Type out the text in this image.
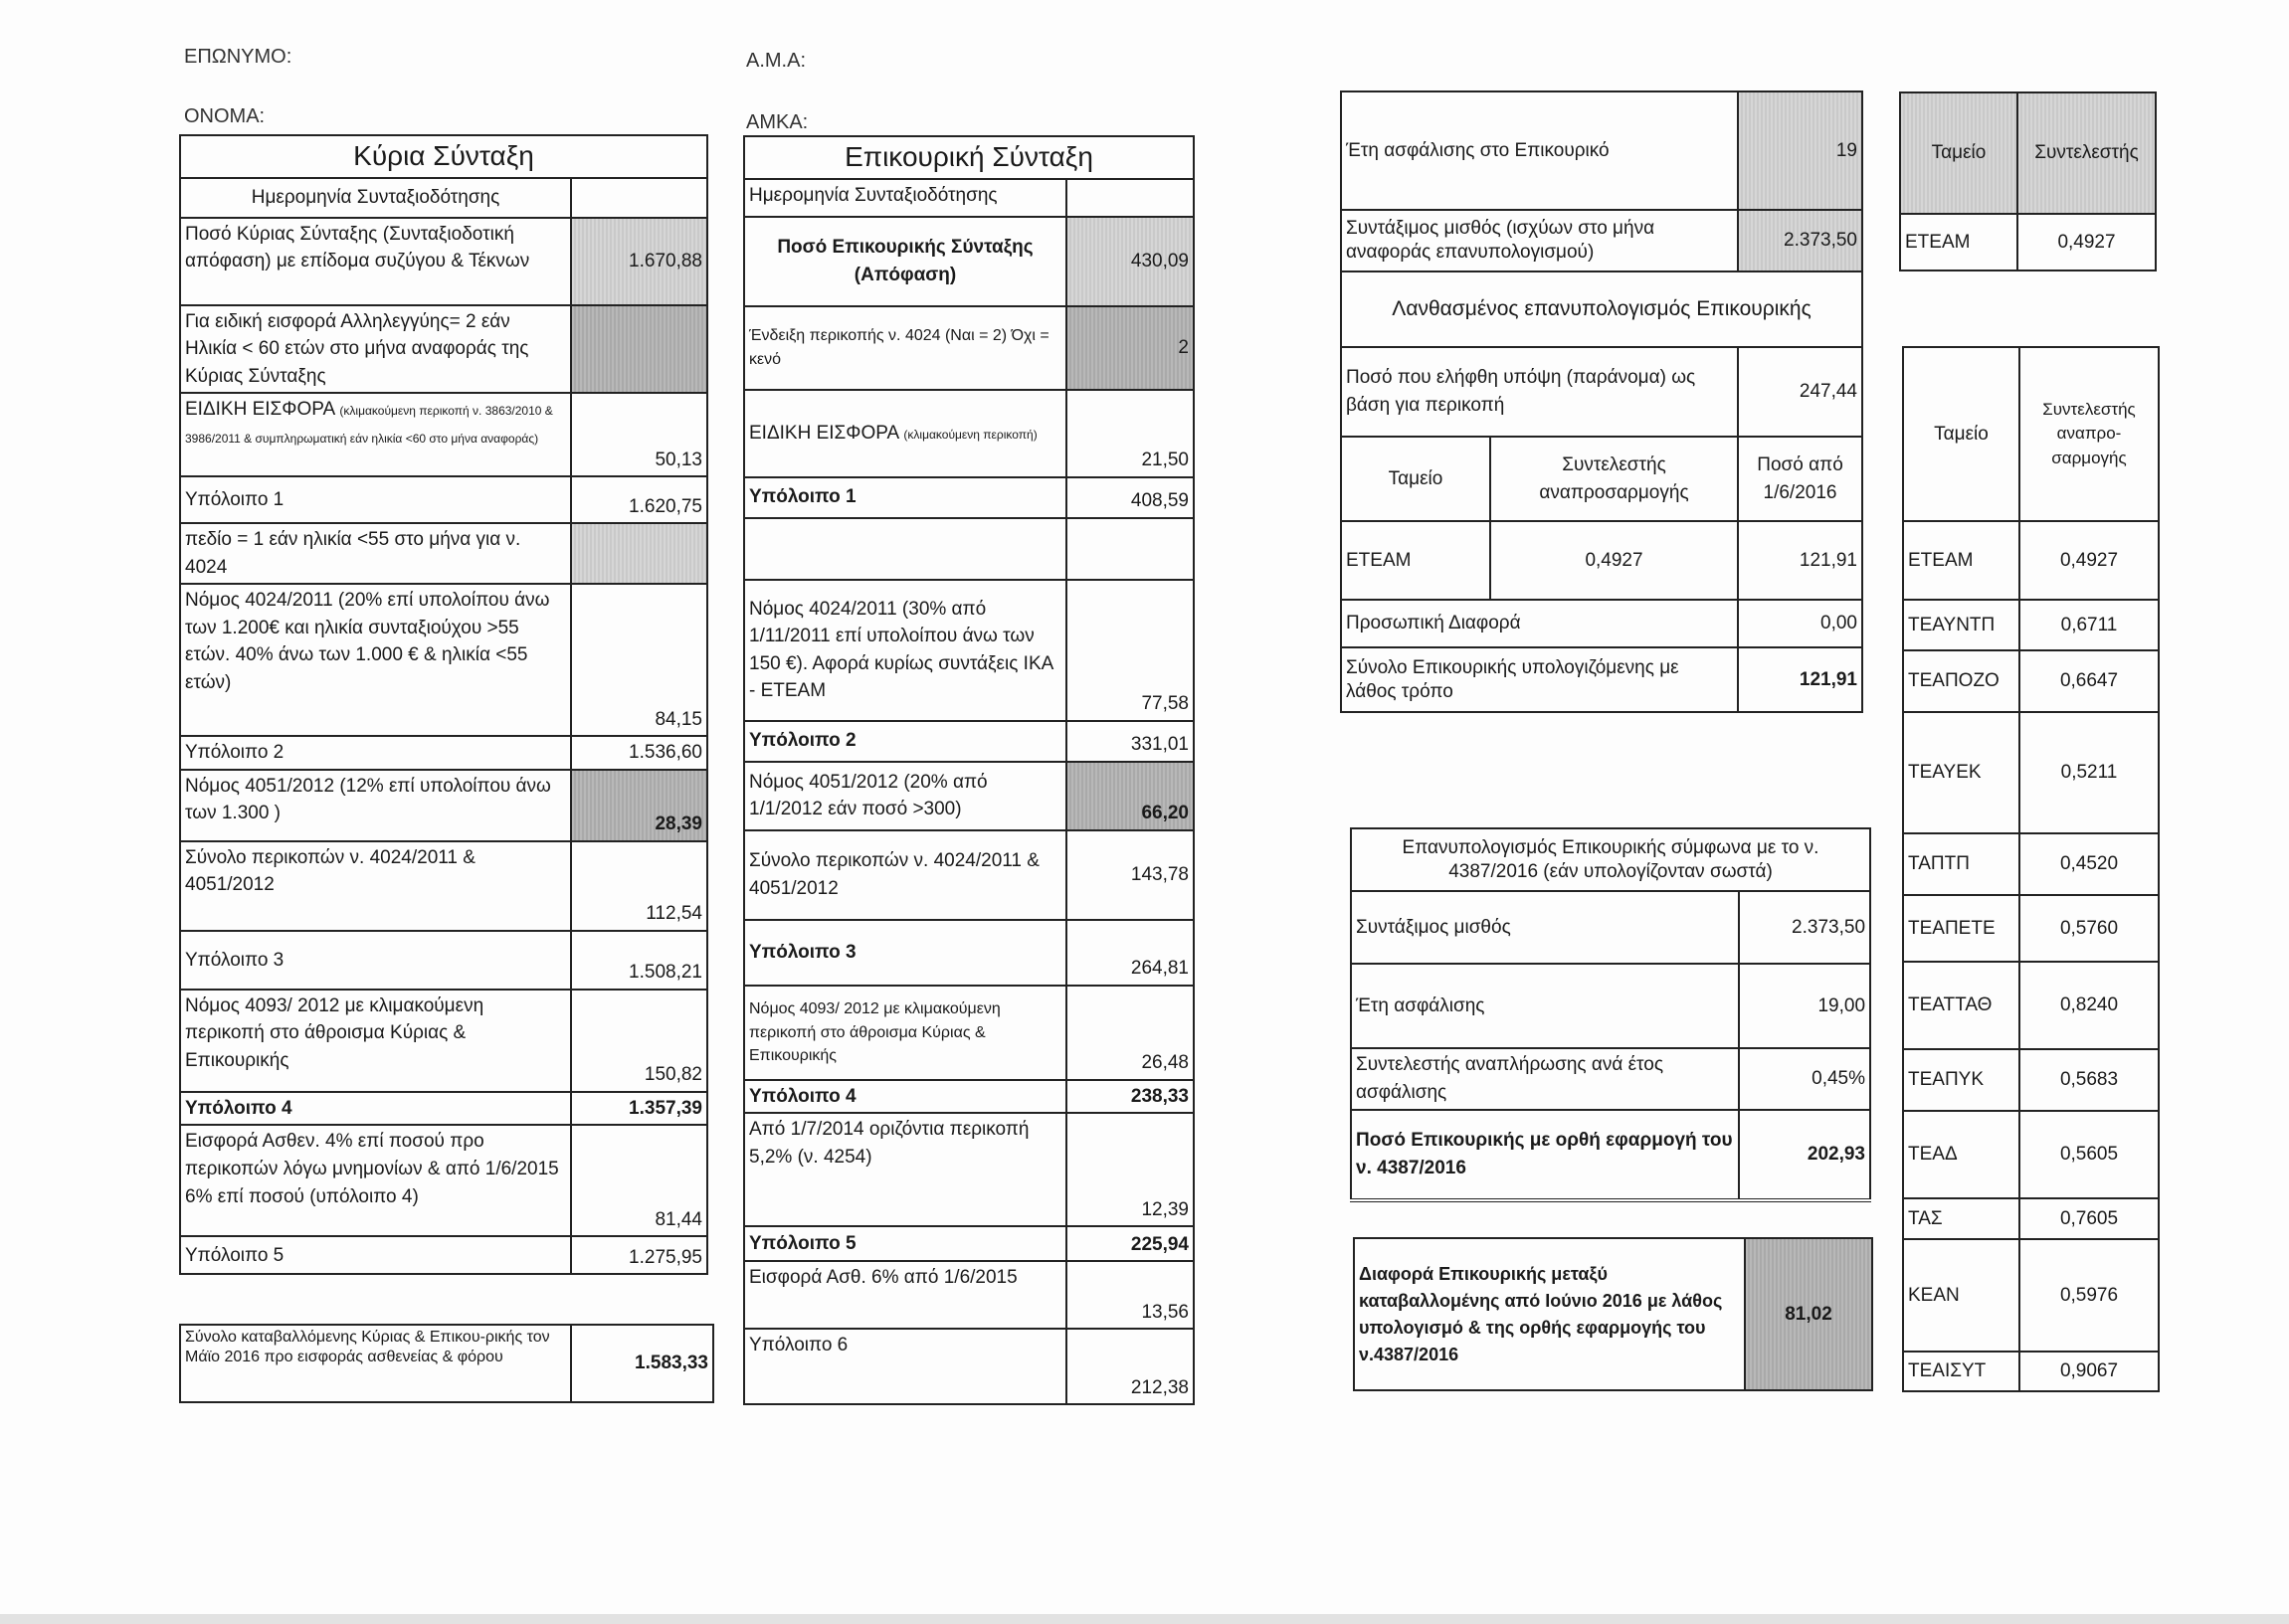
ΕΠΩΝΥΜΟ:	Α.Μ.Α:
ΟΝΟΜΑ:	ΑΜΚΑ:
Κύρια Σύνταξη	
Ημερομηνία Συνταξιοδότησης	
Ποσό Κύριας Σύνταξης (Συνταξιοδοτική απόφαση) με επίδομα συζύγου & Τέκνων	1.670,88
Για ειδική εισφορά Αλληλεγγύης= 2 εάν Ηλικία < 60 ετών στο μήνα αναφοράς της Κύριας Σύνταξης	
ΕΙΔΙΚΗ ΕΙΣΦΟΡΑ (κλιμακούμενη περικοπή ν. 3863/2010 & 3986/2011 & συμπληρωματική εάν ηλικία <60 στο μήνα αναφοράς)	50,13
Υπόλοιπο 1	1.620,75
πεδίο = 1 εάν ηλικία <55 στο μήνα για ν. 4024	
Νόμος 4024/2011 (20% επί υπολοίπου άνω των 1.200€ και ηλικία συνταξιούχου >55 ετών. 40% άνω των 1.000 € & ηλικία <55 ετών)	84,15
Υπόλοιπο 2	1.536,60
Νόμος 4051/2012 (12% επί υπολοίπου άνω των 1.300 )	28,39
Σύνολο περικοπών ν. 4024/2011 & 4051/2012	112,54
Υπόλοιπο 3	1.508,21
Νόμος 4093/ 2012 με κλιμακούμενη περικοπή στο άθροισμα Κύριας & Επικουρικής	150,82
Υπόλοιπο 4	1.357,39
Εισφορά Ασθεν. 4% επί ποσού προ περικοπών λόγω μνημονίων & από 1/6/2015 6% επί ποσού (υπόλοιπο 4)	81,44
Υπόλοιπο 5	1.275,95
Σύνολο καταβαλλόμενης Κύριας & Επικου-ρικής τον Μάϊο 2016 προ εισφοράς ασθενείας & φόρου	1.583,33
Επικουρική Σύνταξη	
Ημερομηνία Συνταξιοδότησης	
Ποσό Επικουρικής Σύνταξης (Απόφαση)	430,09
Ένδειξη περικοπής ν. 4024 (Ναι = 2) Όχι = κενό	2
ΕΙΔΙΚΗ ΕΙΣΦΟΡΑ (κλιμακούμενη περικοπή)	21,50
Υπόλοιπο 1	408,59

Νόμος 4024/2011 (30% από 1/11/2011 επί υπολοίπου άνω των 150 €). Αφορά κυρίως συντάξεις ΙΚΑ - ΕΤΕΑΜ	77,58
Υπόλοιπο 2	331,01
Νόμος 4051/2012 (20% από 1/1/2012 εάν ποσό >300)	66,20
Σύνολο περικοπών ν. 4024/2011 & 4051/2012	143,78
Υπόλοιπο 3	264,81
Νόμος 4093/ 2012 με κλιμακούμενη περικοπή στο άθροισμα Κύριας & Επικουρικής	26,48
Υπόλοιπο 4	238,33
Από 1/7/2014 οριζόντια περικοπή 5,2% (ν. 4254)	12,39
Υπόλοιπο 5	225,94
Εισφορά Ασθ. 6% από 1/6/2015	13,56
Υπόλοιπο 6	212,38
Έτη ασφάλισης στο Επικουρικό		19
Συντάξιμος μισθός (ισχύων στο μήνα αναφοράς επανυπολογισμού)		2.373,50
Λανθασμένος επανυπολογισμός Επικουρικής		
Ποσό που ελήφθη υπόψη (παράνομα) ως βάση για περικοπή		247,44
Ταμείο	Συντελεστής αναπροσαρμογής	Ποσό από 1/6/2016
ΕΤΕΑΜ	0,4927	121,91
Προσωπική Διαφορά		0,00
Σύνολο Επικουρικής υπολογιζόμενης με λάθος τρόπο		121,91
Επανυπολογισμός Επικουρικής σύμφωνα με το ν. 4387/2016 (εάν υπολογίζονταν σωστά)	
Συντάξιμος μισθός	2.373,50
Έτη ασφάλισης	19,00
Συντελεστής αναπλήρωσης ανά έτος ασφάλισης	0,45%
Ποσό Επικουρικής με ορθή εφαρμογή του ν. 4387/2016	202,93
Διαφορά Επικουρικής μεταξύ καταβαλλομένης από Ιούνιο 2016 με λάθος υπολογισμό & της ορθής εφαρμογής του ν.4387/2016	81,02
Ταμείο	Συντελεστής
ΕΤΕΑΜ	0,4927
Ταμείο	Συντελεστής αναπρο-σαρμογής
ΕΤΕΑΜ	0,4927
ΤΕΑΥΝΤΠ	0,6711
ΤΕΑΠΟΖΟ	0,6647
ΤΕΑΥΕΚ	0,5211
ΤΑΠΤΠ	0,4520
ΤΕΑΠΕΤΕ	0,5760
ΤΕΑΤΤΑΘ	0,8240
ΤΕΑΠΥΚ	0,5683
ΤΕΑΔ	0,5605
ΤΑΣ	0,7605
ΚΕΑΝ	0,5976
ΤΕΑΙΣΥΤ	0,9067
